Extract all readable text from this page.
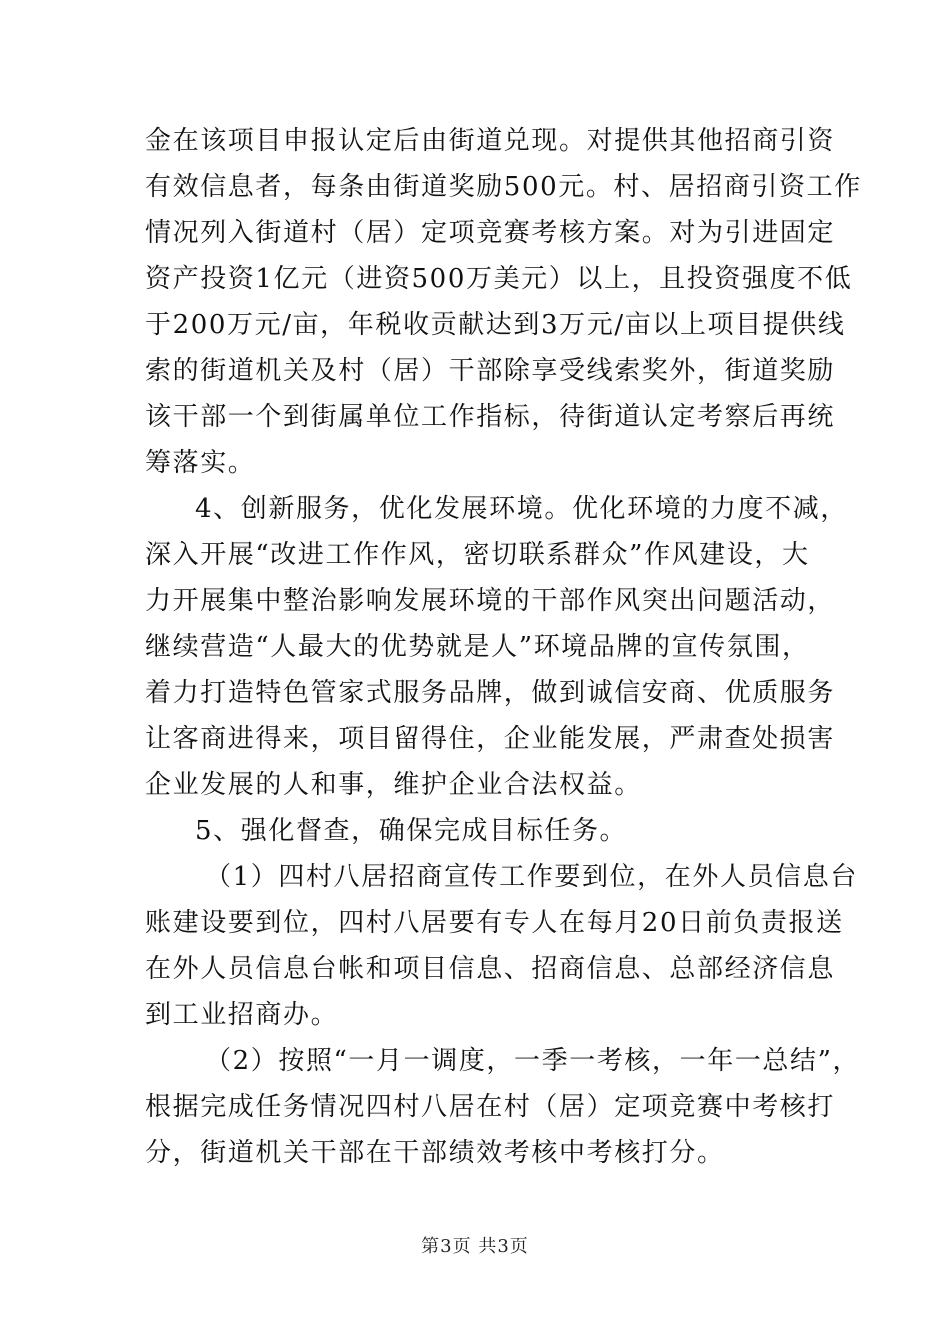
金在该项目申报认定后由街道兑现。对提供其他招商引资
有效信息者，每条由街道奖励500元。村、居招商引资工作
情况列入街道村（居）定项竞赛考核方案。对为引进固定
资产投资1亿元（进资500万美元）以上，且投资强度不低
于200万元/亩，年税收贡献达到3万元/亩以上项目提供线
索的街道机关及村（居）干部除享受线索奖外，街道奖励
该干部一个到街属单位工作指标，待街道认定考察后再统
筹落实。
4、创新服务，优化发展环境。优化环境的力度不减，
深入开展“改进工作作风，密切联系群众”作风建设，大
力开展集中整治影响发展环境的干部作风突出问题活动，
继续营造“人最大的优势就是人”环境品牌的宣传氛围，
着力打造特色管家式服务品牌，做到诚信安商、优质服务
让客商进得来，项目留得住，企业能发展，严肃查处损害
企业发展的人和事，维护企业合法权益。
5、强化督查，确保完成目标任务。
（1）四村八居招商宣传工作要到位，在外人员信息台
账建设要到位，四村八居要有专人在每月20日前负责报送
在外人员信息台帐和项目信息、招商信息、总部经济信息
到工业招商办。
（2）按照“一月一调度，一季一考核，一年一总结”，
根据完成任务情况四村八居在村（居）定项竞赛中考核打
分，街道机关干部在干部绩效考核中考核打分。
第3页 共3页
